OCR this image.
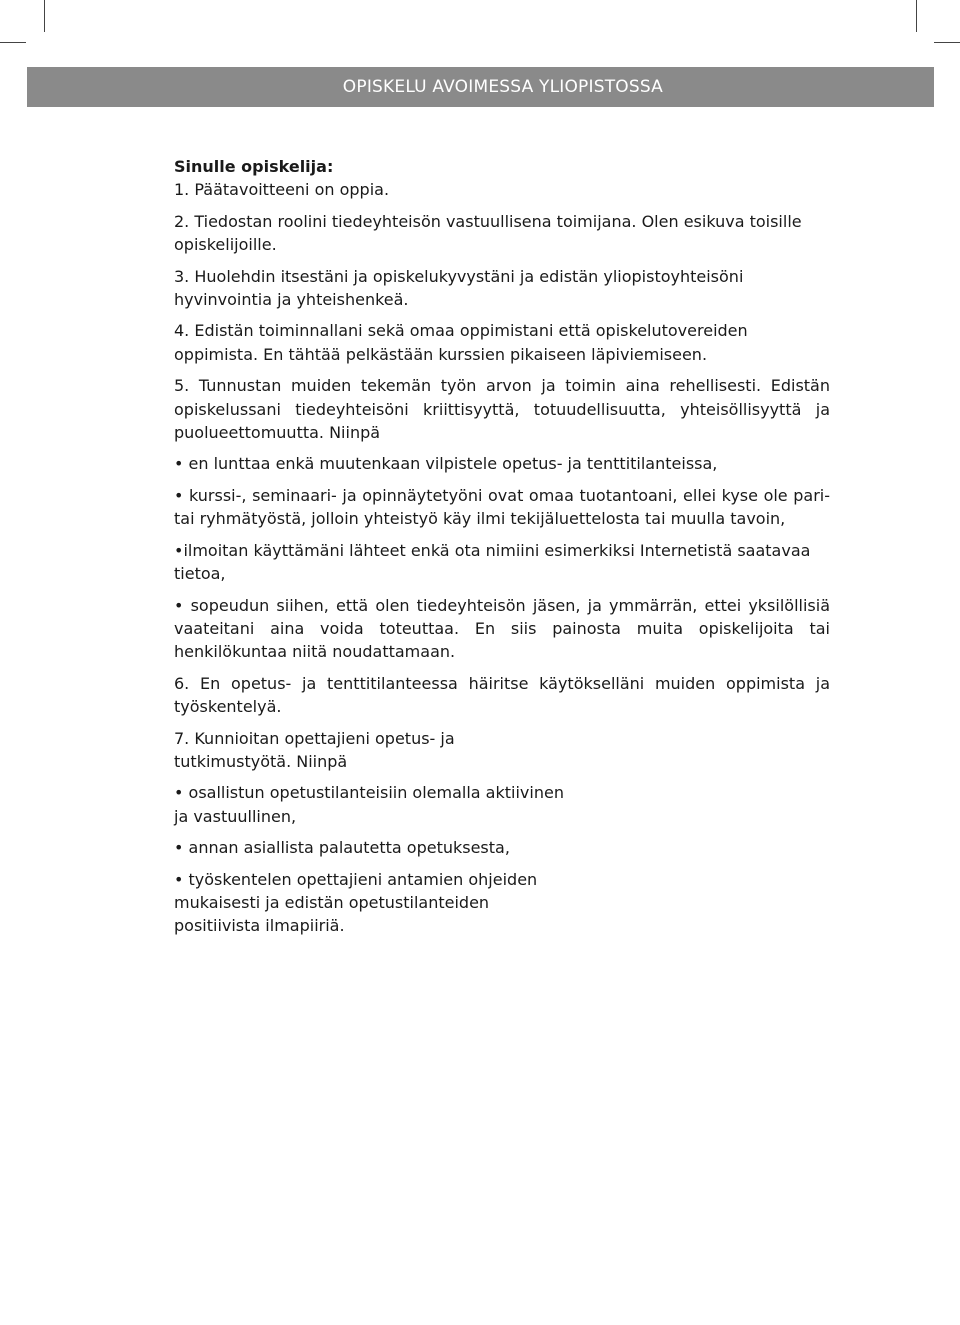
OPISKELU AVOIMESSA YLIOPISTOSSA

Sinulle opiskelija:

1. Päätavoitteeni on oppia.

2. Tiedostan roolini tiedeyhteisön vastuullisena toimijana. Olen esikuva toisille opiskelijoille.

3. Huolehdin itsestäni ja opiskelukyvystäni ja edistän yliopistoyhteisöni hyvinvointia ja yhteishenkeä.

4. Edistän toiminnallani sekä omaa oppimistani että opiskelutovereiden oppimista. En tähtää pelkästään kurssien pikaiseen läpiviemiseen.

5. Tunnustan muiden tekemän työn arvon ja toimin aina rehellisesti. Edistän opiskelussani tiedeyhteisöni kriittisyyttä, totuudellisuutta, yhteisöllisyyttä ja puolueettomuutta. Niinpä

• en lunttaa enkä muutenkaan vilpistele opetus- ja tenttitilanteissa,

• kurssi-, seminaari- ja opinnäytetyöni ovat omaa tuotantoani, ellei kyse ole pari- tai ryhmätyöstä, jolloin yhteistyö käy ilmi tekijäluettelosta tai muulla tavoin,

•ilmoitan käyttämäni lähteet enkä ota nimiini esimerkiksi Internetistä saatavaa tietoa,

• sopeudun siihen, että olen tiedeyhteisön jäsen, ja ymmärrän, ettei yksilöllisiä vaateitani aina voida toteuttaa. En siis painosta muita opiskelijoita tai henkilökuntaa niitä noudattamaan.

6. En opetus- ja tenttitilanteessa häiritse käytökselläni muiden oppimista ja työskentelyä.

7. Kunnioitan opettajieni opetus- ja tutkimustyötä. Niinpä

• osallistun opetustilanteisiin olemalla aktiivinen ja vastuullinen,

• annan asiallista palautetta opetuksesta,

• työskentelen opettajieni antamien ohjeiden mukaisesti ja edistän opetustilanteiden positiivista ilmapiiriä.
